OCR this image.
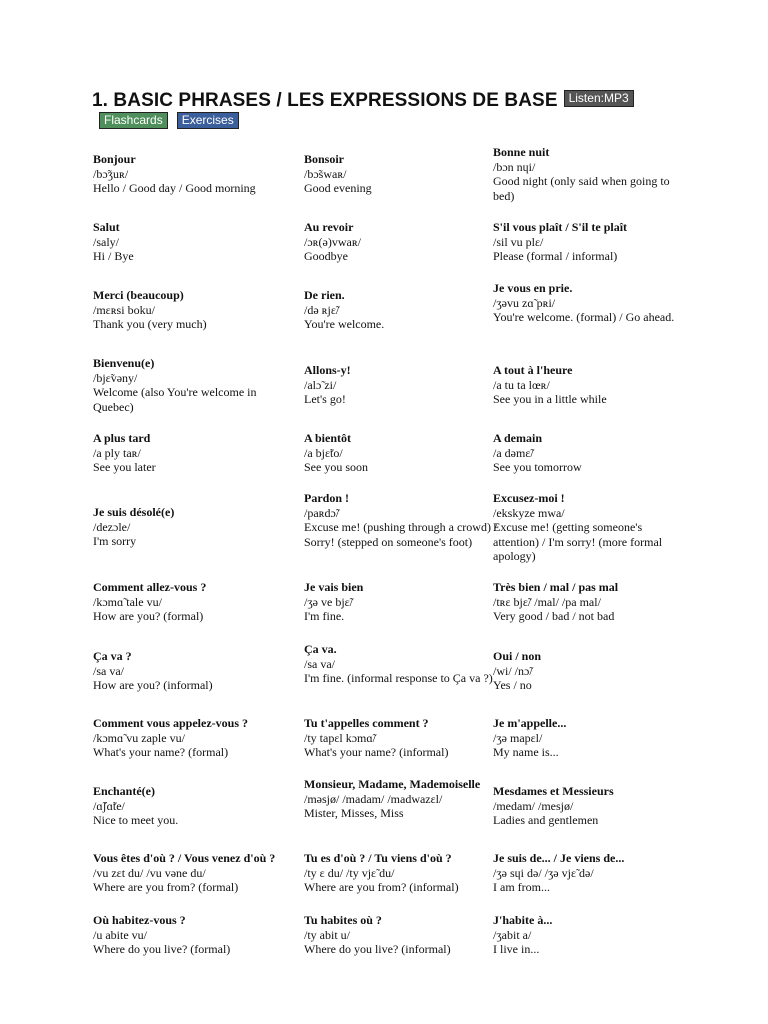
1. BASIC PHRASES / LES EXPRESSIONS DE BASE Listen:MP3
Flashcards	Exercises
Bonjour
/bɔ̃ʒuʀ/
Hello / Good day / Good morning
Bonsoir
/bɔ̃swaʀ/
Good evening
Bonne nuit
/bɔn nɥi/
Good night (only said when going to bed)
Salut
/saly/
Hi / Bye
Au revoir
/ɔʀ(ə)vwaʀ/
Goodbye
S'il vous plaît / S'il te plaît
/sil vu plɛ/
Please (formal / informal)
Merci (beaucoup)
/mɛʀsi boku/
Thank you (very much)
De rien.
/də ʀjɛ̃/
You're welcome.
Je vous en prie.
/ʒəvu zɑ̃ pʀi/
You're welcome. (formal) / Go ahead.
Bienvenu(e)
/bjɛ̃vəny/
Welcome (also You're welcome in Quebec)
Allons-y!
/alɔ̃ zi/
Let's go!
A tout à l'heure
/a tu ta lœʀ/
See you in a little while
A plus tard
/a ply taʀ/
See you later
A bientôt
/a bjɛ̃to/
See you soon
A demain
/a dəmɛ̃/
See you tomorrow
Je suis désolé(e)
/dezɔle/
I'm sorry
Pardon !
/paʀdɔ̃/
Excuse me! (pushing through a crowd) / Sorry! (stepped on someone's foot)
Excusez-moi !
/ekskyze mwa/
Excuse me! (getting someone's attention) / I'm sorry! (more formal apology)
Comment allez-vous ?
/kɔmɑ̃ tale vu/
How are you? (formal)
Je vais bien
/ʒə ve bjɛ̃/
I'm fine.
Très bien / mal / pas mal
/tʀɛ bjɛ̃/ /mal/ /pa mal/
Very good / bad / not bad
Ça va ?
/sa va/
How are you? (informal)
Ça va.
/sa va/
I'm fine. (informal response to Ça va ?)
Oui / non
/wi/ /nɔ̃/
Yes / no
Comment vous appelez-vous ?
/kɔmɑ̃ vu zaple vu/
What's your name? (formal)
Tu t'appelles comment ?
/ty tapɛl kɔmɑ̃/
What's your name? (informal)
Je m'appelle...
/ʒə mapɛl/
My name is...
Enchanté(e)
/ɑ̃ʃɑ̃te/
Nice to meet you.
Monsieur, Madame, Mademoiselle
/məsjø/ /madam/ /madwazɛl/
Mister, Misses, Miss
Mesdames et Messieurs
/medam/ /mesjø/
Ladies and gentlemen
Vous êtes d'où ? / Vous venez d'où ?
/vu zɛt du/ /vu vəne du/
Where are you from? (formal)
Tu es d'où ? / Tu viens d'où ?
/ty ɛ du/ /ty vjɛ̃ du/
Where are you from? (informal)
Je suis de... / Je viens de...
/ʒə sɥi də/ /ʒə vjɛ̃ də/
I am from...
Où habitez-vous ?
/u abite vu/
Where do you live? (formal)
Tu habites où ?
/ty abit u/
Where do you live? (informal)
J'habite à...
/ʒabit a/
I live in...
